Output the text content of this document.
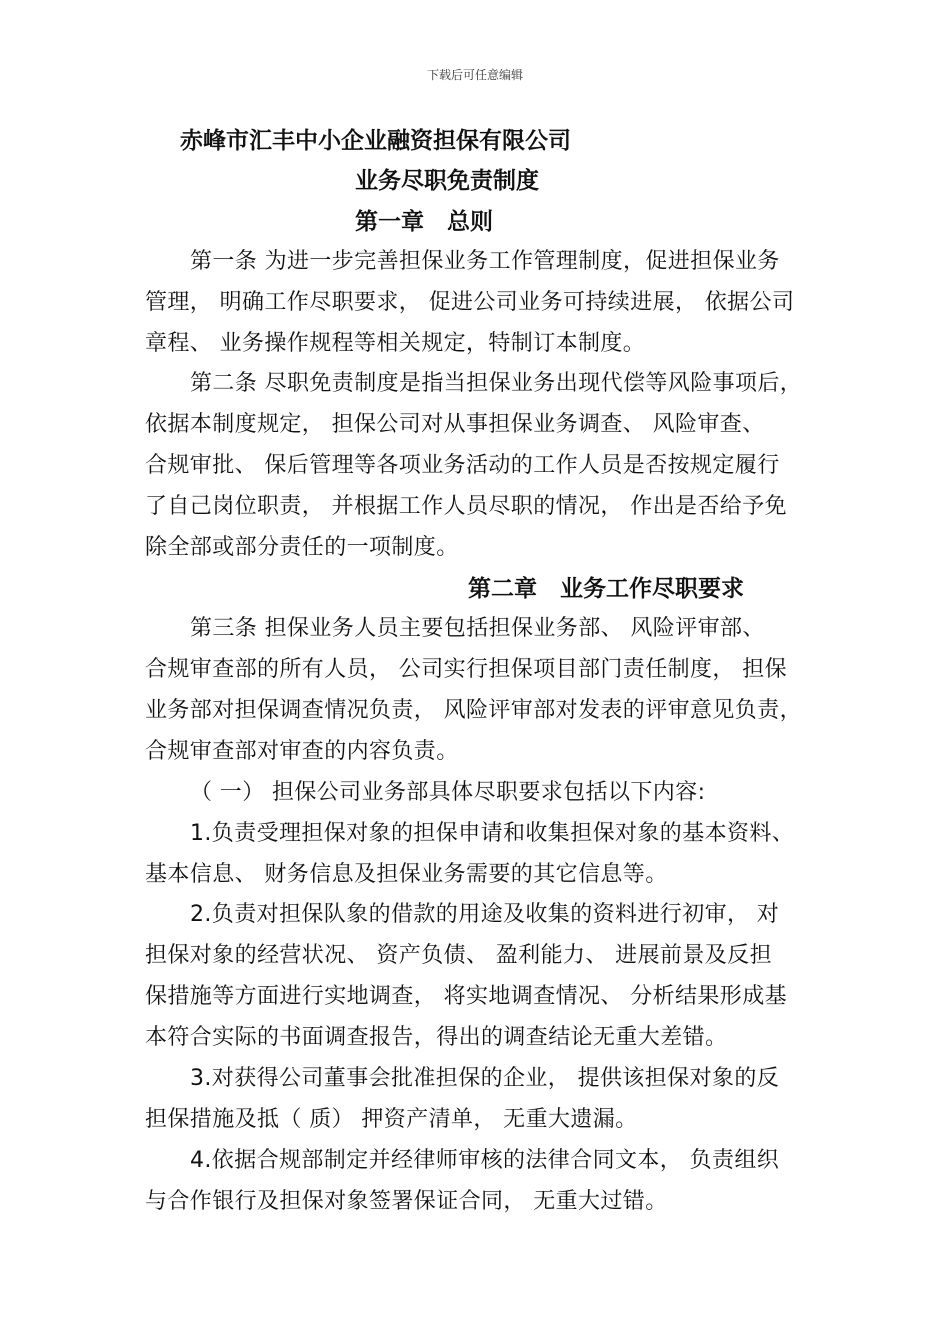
下载后可任意编辑
赤峰市汇丰中小企业融资担保有限公司
业务尽职免责制度
第一章　总则
第一条 为进一步完善担保业务工作管理制度，促进担保业务
管理， 明确工作尽职要求， 促进公司业务可持续进展， 依据公司
章程、 业务操作规程等相关规定，特制订本制度。
第二条 尽职免责制度是指当担保业务出现代偿等风险事项后，
依据本制度规定， 担保公司对从事担保业务调查、 风险审查、
合规审批、 保后管理等各项业务活动的工作人员是否按规定履行
了自己岗位职责， 并根据工作人员尽职的情况， 作出是否给予免
除全部或部分责任的一项制度。
第二章　业务工作尽职要求
第三条 担保业务人员主要包括担保业务部、 风险评审部、
合规审查部的所有人员， 公司实行担保项目部门责任制度， 担保
业务部对担保调查情况负责， 风险评审部对发表的评审意见负责，
合规审查部对审查的内容负责。
（ 一） 担保公司业务部具体尽职要求包括以下内容:
1.负责受理担保对象的担保申请和收集担保对象的基本资料、
基本信息、 财务信息及担保业务需要的其它信息等。
2.负责对担保队象的借款的用途及收集的资料进行初审， 对
担保对象的经营状况、 资产负债、 盈利能力、 进展前景及反担
保措施等方面进行实地调查， 将实地调查情况、 分析结果形成基
本符合实际的书面调查报告，得出的调查结论无重大差错。
3.对获得公司董事会批准担保的企业， 提供该担保对象的反
担保措施及抵（ 质） 押资产清单， 无重大遗漏。
4.依据合规部制定并经律师审核的法律合同文本， 负责组织
与合作银行及担保对象签署保证合同， 无重大过错。
